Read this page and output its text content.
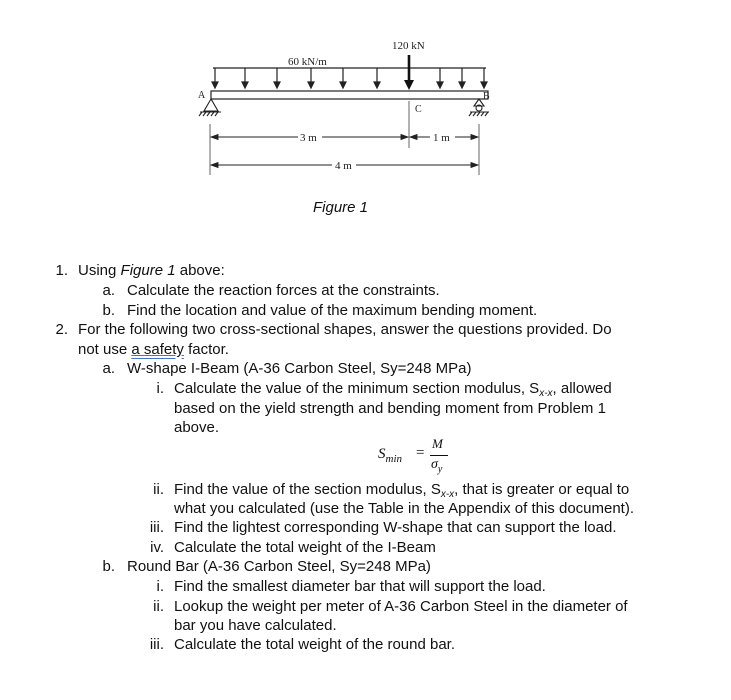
60 kN/m
120 kN
A	B
C
3 m	1 m
4 m
Figure 1
1. Using Figure 1 above:
a. Calculate the reaction forces at the constraints.
b. Find the location and value of the maximum bending moment.
2. For the following two cross-sectional shapes, answer the questions provided. Do
not use a safety factor.
a. W-shape I-Beam (A-36 Carbon Steel, Sy=248 MPa)
i. Calculate the value of the minimum section modulus, $S_{x-x}$, allowed
based on the yield strength and bending moment from Problem 1
above.
$S_{min}$ =
M
$\sigma_y$
ii. Find the value of the section modulus, $S_{x-x}$, that is greater or equal to
what you calculated (use the Table in the Appendix of this document).
iii. Find the lightest corresponding W-shape that can support the load.
iv. Calculate the total weight of the I-Beam
b. Round Bar (A-36 Carbon Steel, Sy=248 MPa)
i. Find the smallest diameter bar that will support the load.
ii. Lookup the weight per meter of A-36 Carbon Steel in the diameter of
bar you have calculated.
iii. Calculate the total weight of the round bar.
